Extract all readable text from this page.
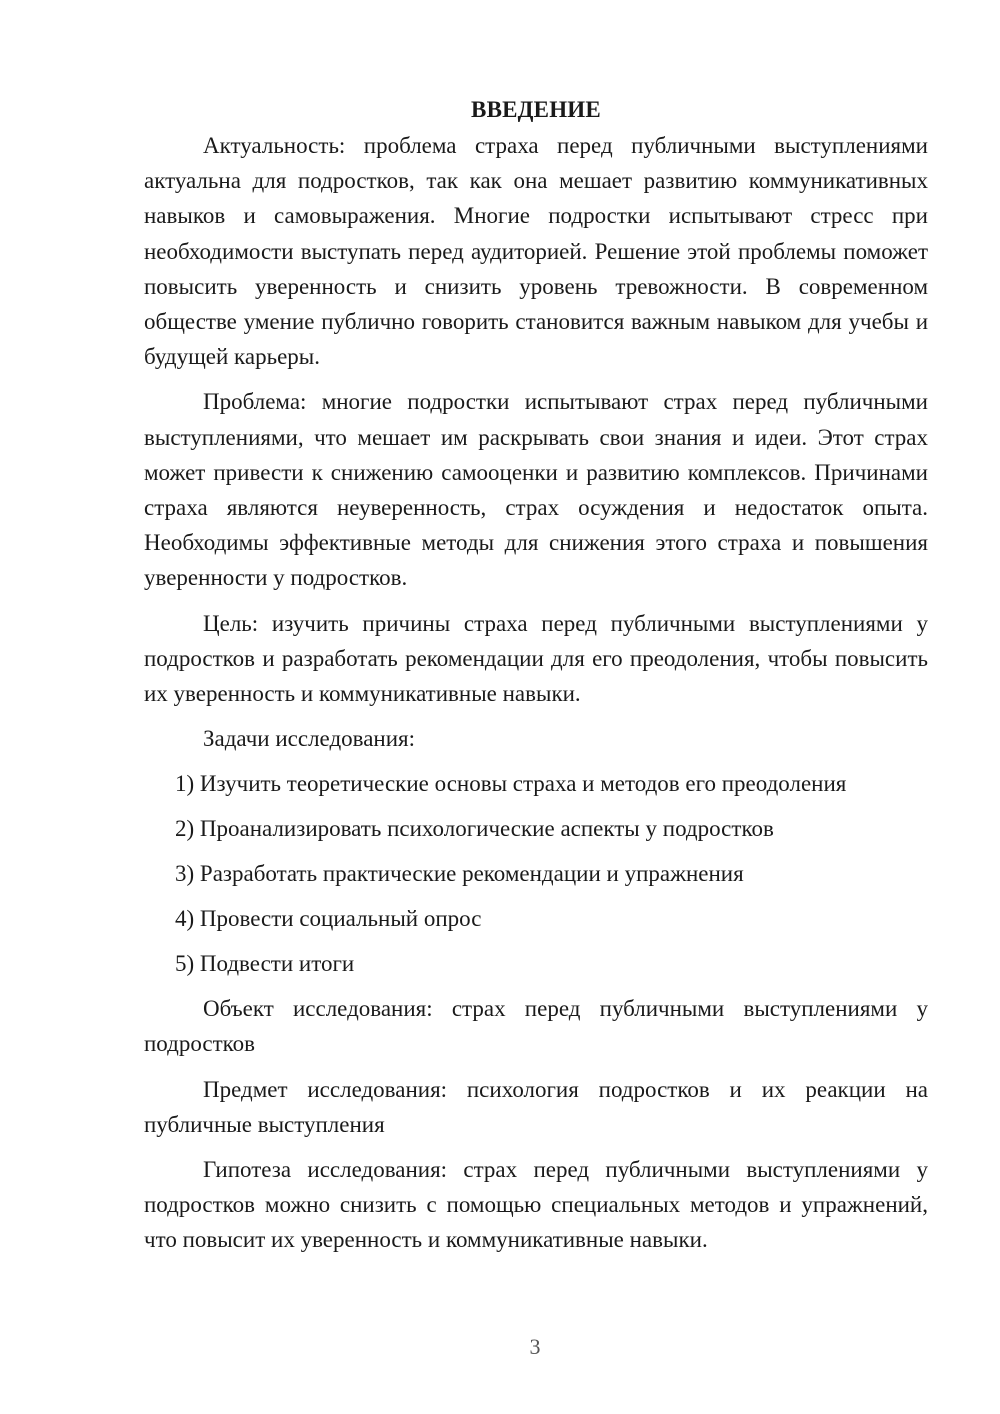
ВВЕДЕНИЕ

Актуальность: проблема страха перед публичными выступлениями актуальна для подростков, так как она мешает развитию коммуникативных навыков и самовыражения. Многие подростки испытывают стресс при необходимости выступать перед аудиторией. Решение этой проблемы поможет повысить уверенность и снизить уровень тревожности. В современном обществе умение публично говорить становится важным навыком для учебы и будущей карьеры.

Проблема: многие подростки испытывают страх перед публичными выступлениями, что мешает им раскрывать свои знания и идеи. Этот страх может привести к снижению самооценки и развитию комплексов. Причинами страха являются неуверенность, страх осуждения и недостаток опыта. Необходимы эффективные методы для снижения этого страха и повышения уверенности у подростков.

Цель: изучить причины страха перед публичными выступлениями у подростков и разработать рекомендации для его преодоления, чтобы повысить их уверенность и коммуникативные навыки.

Задачи исследования:

1) Изучить теоретические основы страха и методов его преодоления
2) Проанализировать психологические аспекты у подростков
3) Разработать практические рекомендации и упражнения
4) Провести социальный опрос
5) Подвести итоги

Объект исследования: страх перед публичными выступлениями у подростков

Предмет исследования: психология подростков и их реакции на публичные выступления

Гипотеза исследования: страх перед публичными выступлениями у подростков можно снизить с помощью специальных методов и упражнений, что повысит их уверенность и коммуникативные навыки.

3
